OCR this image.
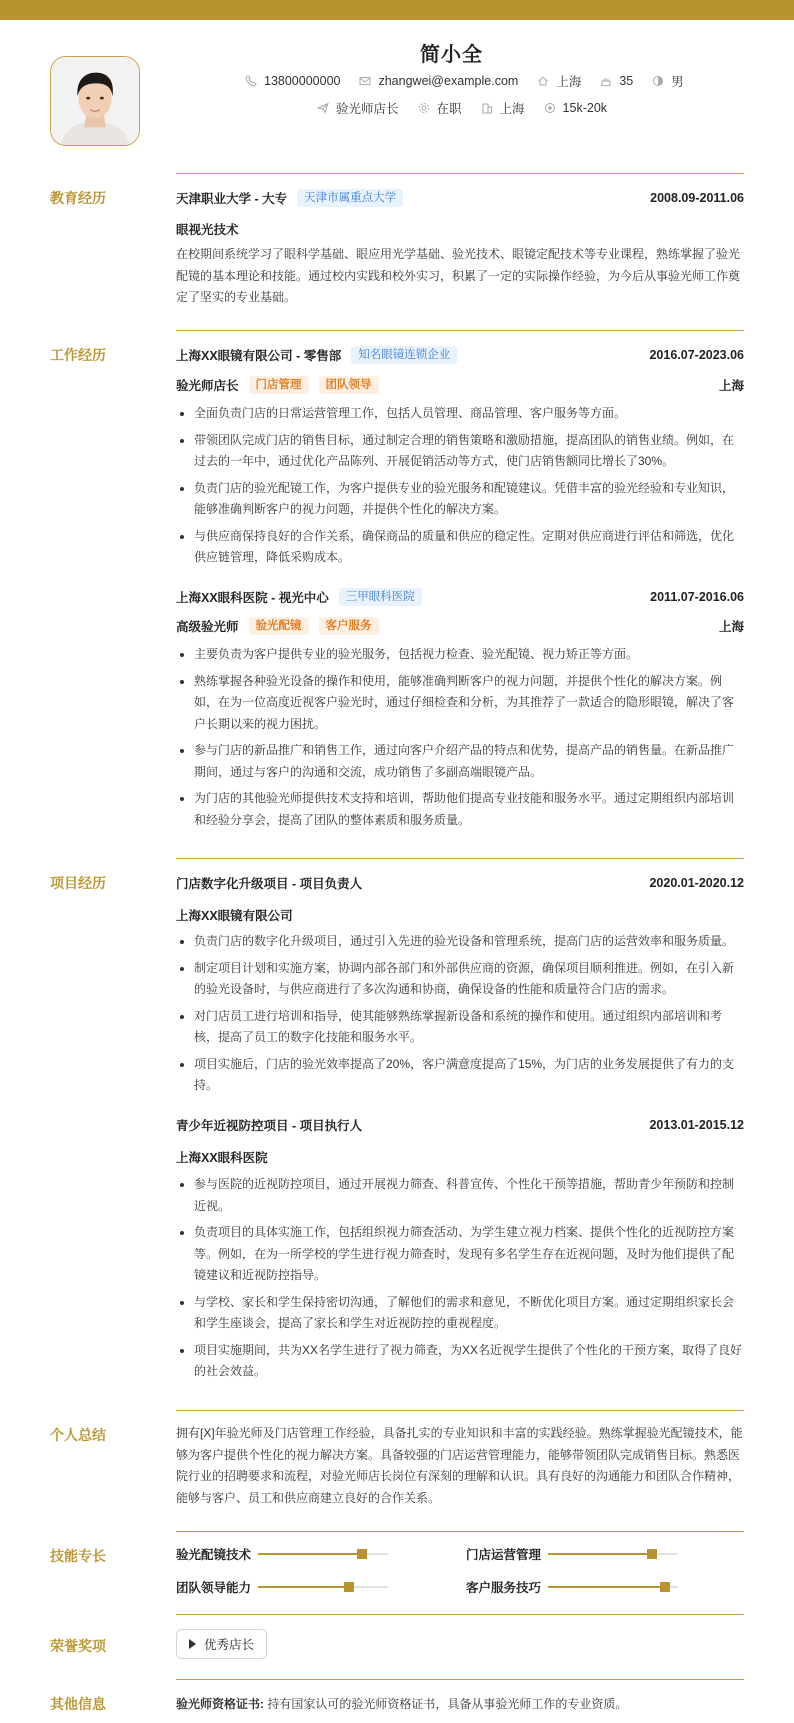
简小全
13800000000	zhangwei@example.com	上海	35	男
验光师店长	在职	上海	15k-20k
教育经历	天津职业大学 - 大专	天津市属重点大学	2008.09-2011.06
眼视光技术
在校期间系统学习了眼科学基础、眼应用光学基础、验光技术、眼镜定配技术等专业课程，熟练掌握了验光配镜的基本理论和技能。通过校内实践和校外实习，积累了一定的实际操作经验，为今后从事验光师工作奠定了坚实的专业基础。
工作经历	上海XX眼镜有限公司 - 零售部	知名眼镜连锁企业	2016.07-2023.06
验光师店长	门店管理	团队领导	上海
全面负责门店的日常运营管理工作，包括人员管理、商品管理、客户服务等方面。
带领团队完成门店的销售目标，通过制定合理的销售策略和激励措施，提高团队的销售业绩。例如，在过去的一年中，通过优化产品陈列、开展促销活动等方式，使门店销售额同比增长了30%。
负责门店的验光配镜工作，为客户提供专业的验光服务和配镜建议。凭借丰富的验光经验和专业知识，能够准确判断客户的视力问题，并提供个性化的解决方案。
与供应商保持良好的合作关系，确保商品的质量和供应的稳定性。定期对供应商进行评估和筛选，优化供应链管理，降低采购成本。
上海XX眼科医院 - 视光中心	三甲眼科医院	2011.07-2016.06
高级验光师	验光配镜	客户服务	上海
主要负责为客户提供专业的验光服务，包括视力检查、验光配镜、视力矫正等方面。
熟练掌握各种验光设备的操作和使用，能够准确判断客户的视力问题，并提供个性化的解决方案。例如，在为一位高度近视客户验光时，通过仔细检查和分析，为其推荐了一款适合的隐形眼镜，解决了客户长期以来的视力困扰。
参与门店的新品推广和销售工作，通过向客户介绍产品的特点和优势，提高产品的销售量。在新品推广期间，通过与客户的沟通和交流，成功销售了多副高端眼镜产品。
为门店的其他验光师提供技术支持和培训，帮助他们提高专业技能和服务水平。通过定期组织内部培训和经验分享会，提高了团队的整体素质和服务质量。
项目经历	门店数字化升级项目 - 项目负责人	2020.01-2020.12
上海XX眼镜有限公司
负责门店的数字化升级项目，通过引入先进的验光设备和管理系统，提高门店的运营效率和服务质量。
制定项目计划和实施方案，协调内部各部门和外部供应商的资源，确保项目顺利推进。例如，在引入新的验光设备时，与供应商进行了多次沟通和协商，确保设备的性能和质量符合门店的需求。
对门店员工进行培训和指导，使其能够熟练掌握新设备和系统的操作和使用。通过组织内部培训和考核，提高了员工的数字化技能和服务水平。
项目实施后，门店的验光效率提高了20%，客户满意度提高了15%，为门店的业务发展提供了有力的支持。
青少年近视防控项目 - 项目执行人	2013.01-2015.12
上海XX眼科医院
参与医院的近视防控项目，通过开展视力筛查、科普宣传、个性化干预等措施，帮助青少年预防和控制近视。
负责项目的具体实施工作，包括组织视力筛查活动、为学生建立视力档案、提供个性化的近视防控方案等。例如，在为一所学校的学生进行视力筛查时，发现有多名学生存在近视问题，及时为他们提供了配镜建议和近视防控指导。
与学校、家长和学生保持密切沟通，了解他们的需求和意见，不断优化项目方案。通过定期组织家长会和学生座谈会，提高了家长和学生对近视防控的重视程度。
项目实施期间，共为XX名学生进行了视力筛查，为XX名近视学生提供了个性化的干预方案，取得了良好的社会效益。
个人总结	拥有[X]年验光师及门店管理工作经验，具备扎实的专业知识和丰富的实践经验。熟练掌握验光配镜技术，能够为客户提供个性化的视力解决方案。具备较强的门店运营管理能力，能够带领团队完成销售目标。熟悉医院行业的招聘要求和流程，对验光师店长岗位有深刻的理解和认识。具有良好的沟通能力和团队合作精神，能够与客户、员工和供应商建立良好的合作关系。
技能专长	验光配镜技术	门店运营管理
团队领导能力	客户服务技巧
荣誉奖项	优秀店长
其他信息	验光师资格证书: 持有国家认可的验光师资格证书，具备从事验光师工作的专业资质。
